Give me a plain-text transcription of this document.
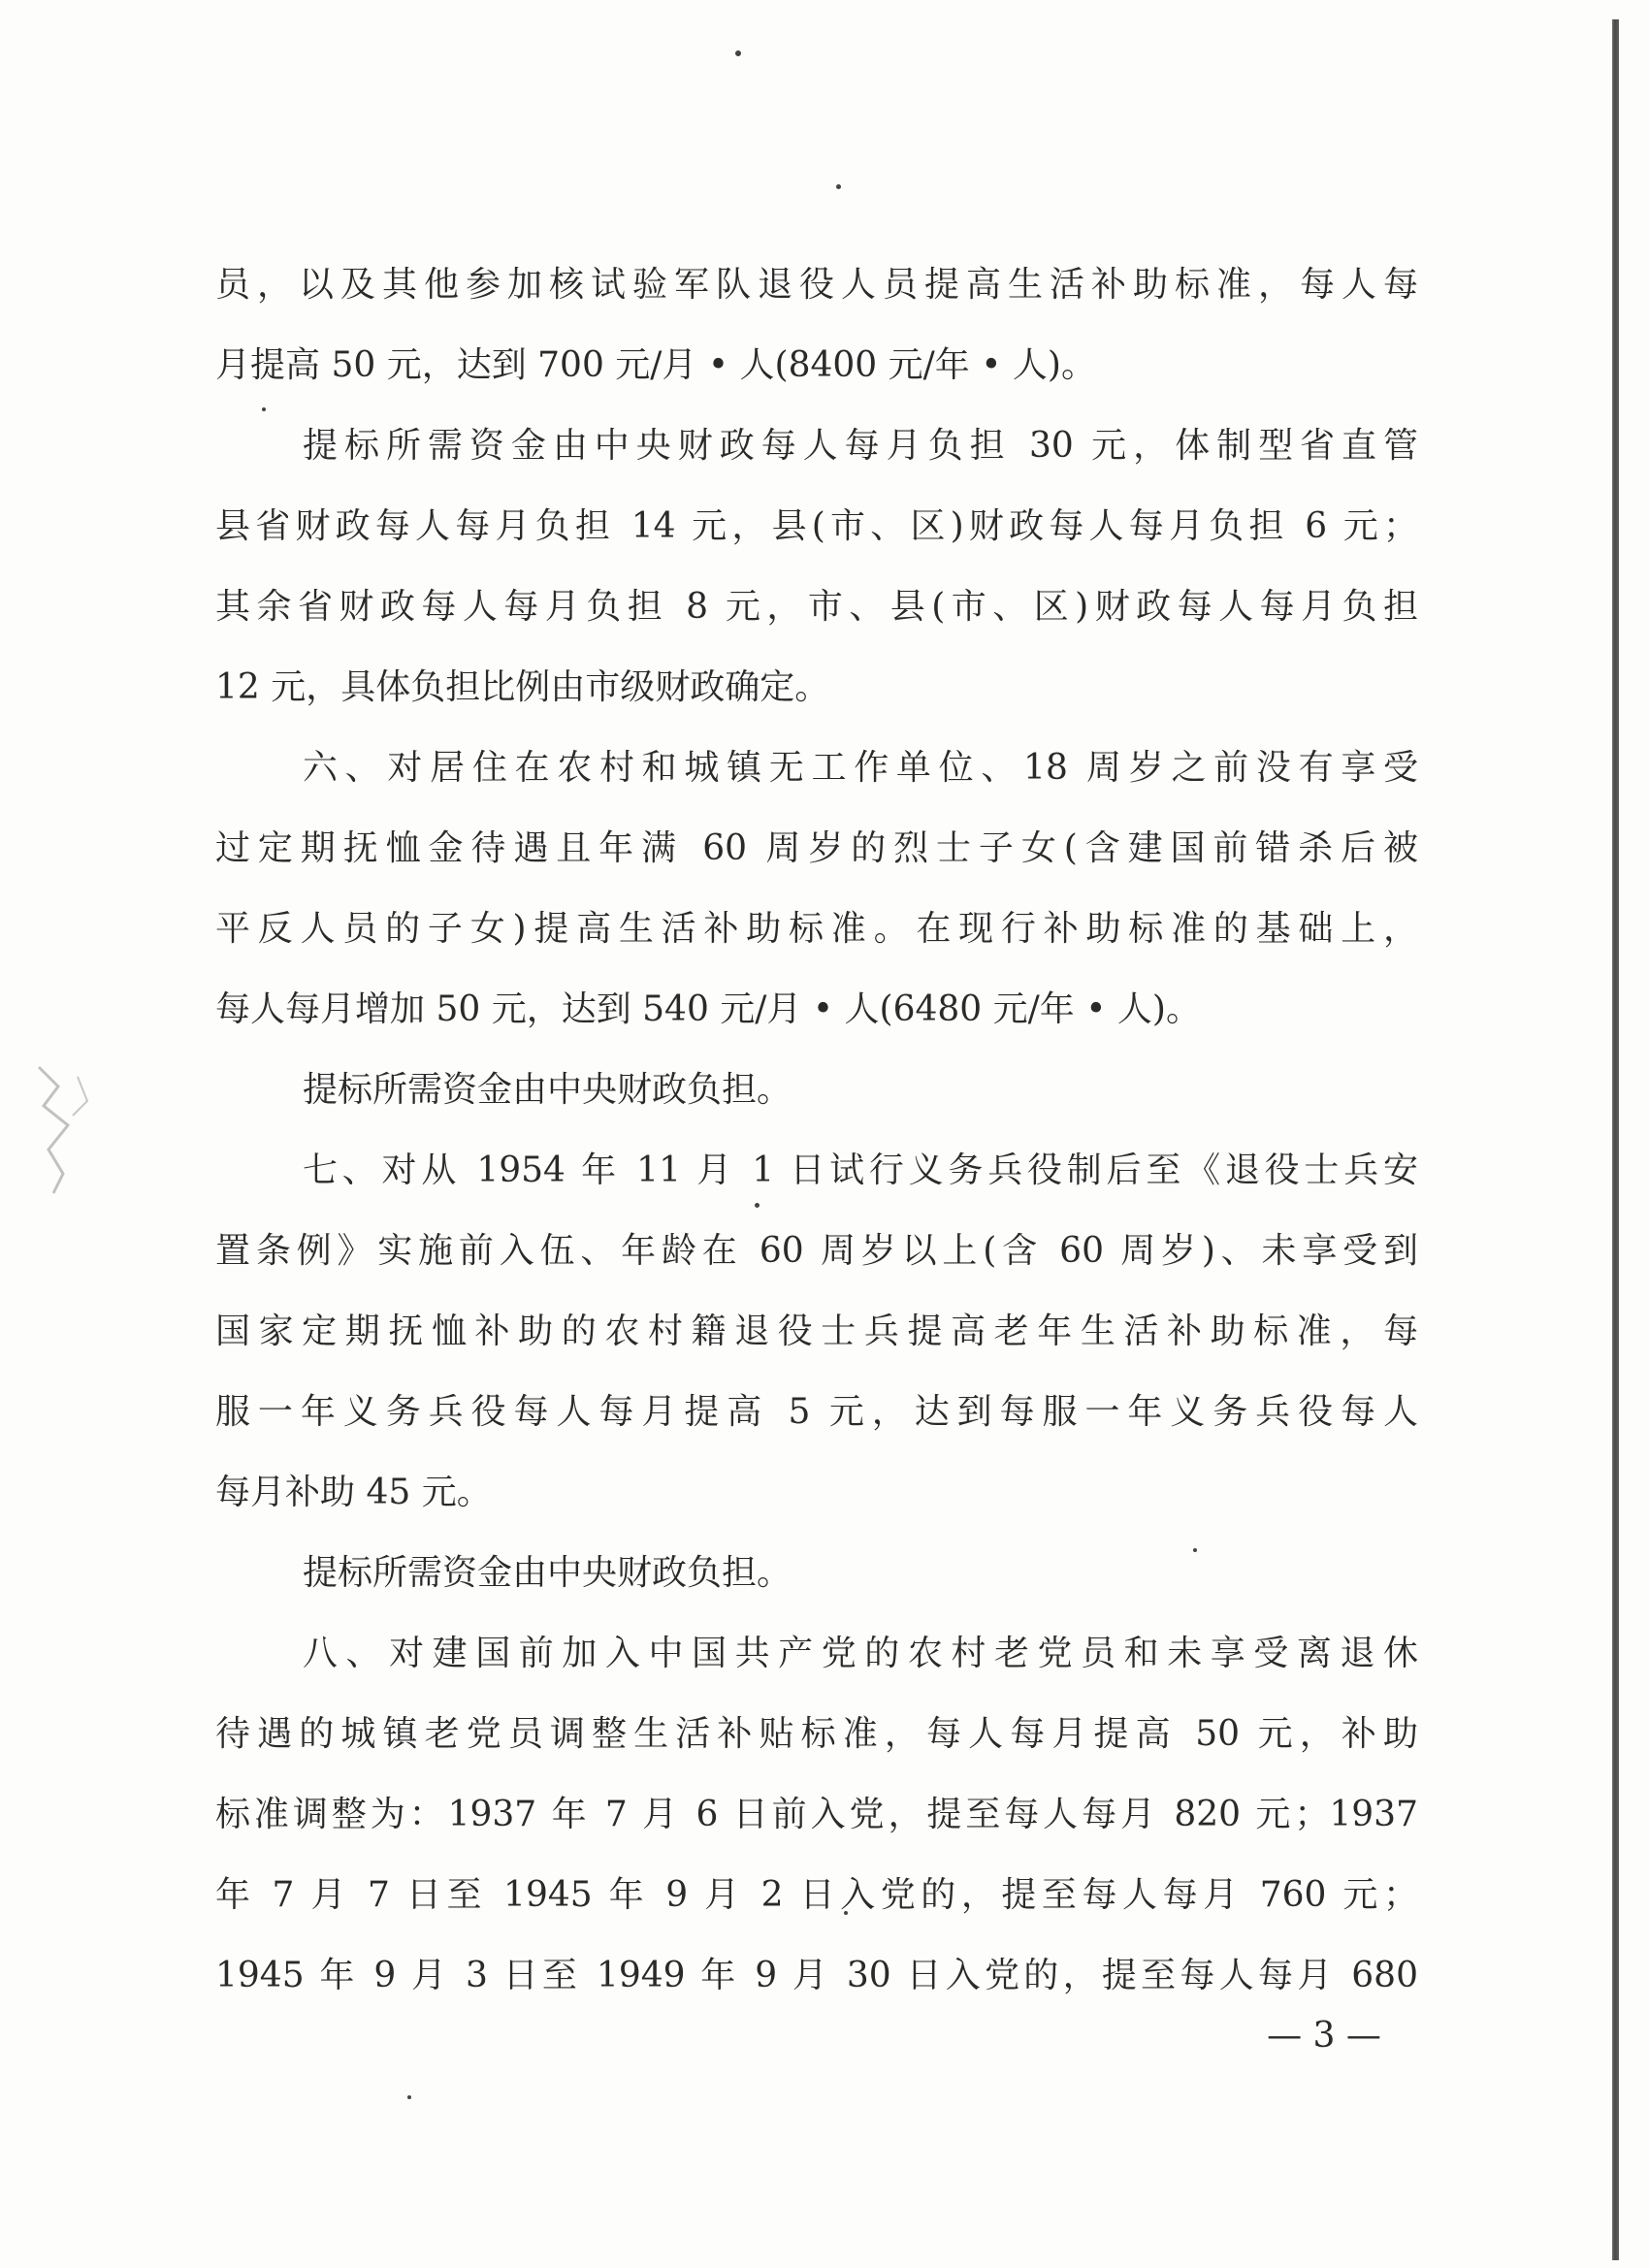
员，以及其他参加核试验军队退役人员提高生活补助标准，每人每
月提高 50 元，达到 700 元/月 • 人(8400 元/年 • 人)。
提标所需资金由中央财政每人每月负担 30 元，体制型省直管
县省财政每人每月负担 14 元，县(市、区)财政每人每月负担 6 元；
其余省财政每人每月负担 8 元，市、县(市、区)财政每人每月负担
12 元，具体负担比例由市级财政确定。
六、对居住在农村和城镇无工作单位、18 周岁之前没有享受
过定期抚恤金待遇且年满 60 周岁的烈士子女(含建国前错杀后被
平反人员的子女)提高生活补助标准。在现行补助标准的基础上，
每人每月增加 50 元，达到 540 元/月 • 人(6480 元/年 • 人)。
提标所需资金由中央财政负担。
七、对从 1954 年 11 月 1 日试行义务兵役制后至《退役士兵安
置条例》实施前入伍、年龄在 60 周岁以上(含 60 周岁)、未享受到
国家定期抚恤补助的农村籍退役士兵提高老年生活补助标准，每
服一年义务兵役每人每月提高 5 元，达到每服一年义务兵役每人
每月补助 45 元。
提标所需资金由中央财政负担。
八、对建国前加入中国共产党的农村老党员和未享受离退休
待遇的城镇老党员调整生活补贴标准，每人每月提高 50 元，补助
标准调整为：1937 年 7 月 6 日前入党，提至每人每月 820 元；1937
年 7 月 7 日至 1945 年 9 月 2 日入党的，提至每人每月 760 元；
1945 年 9 月 3 日至 1949 年 9 月 30 日入党的，提至每人每月 680
— 3 —
